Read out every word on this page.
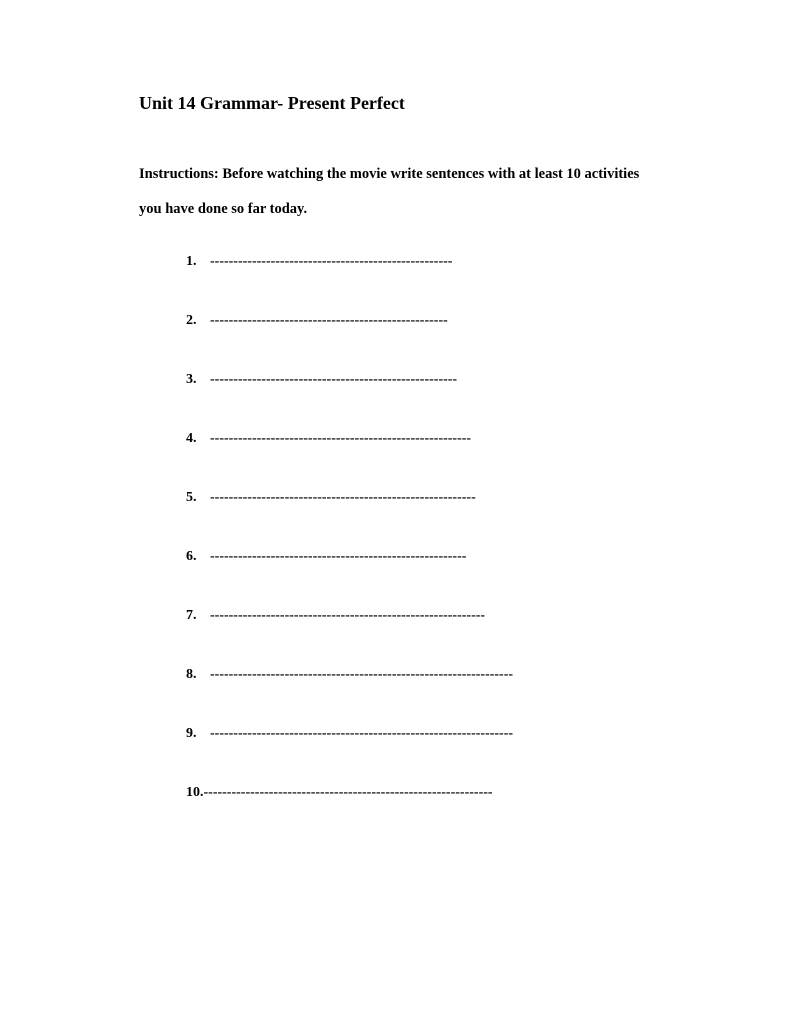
Unit 14 Grammar- Present Perfect
Instructions: Before watching the movie write sentences with at least 10 activities
you have done so far today.
1. ----------------------------------------------------
2. ---------------------------------------------------
3. -----------------------------------------------------
4. --------------------------------------------------------
5. ---------------------------------------------------------
6. -------------------------------------------------------
7. -----------------------------------------------------------
8. -----------------------------------------------------------------
9. -----------------------------------------------------------------
10.--------------------------------------------------------------
